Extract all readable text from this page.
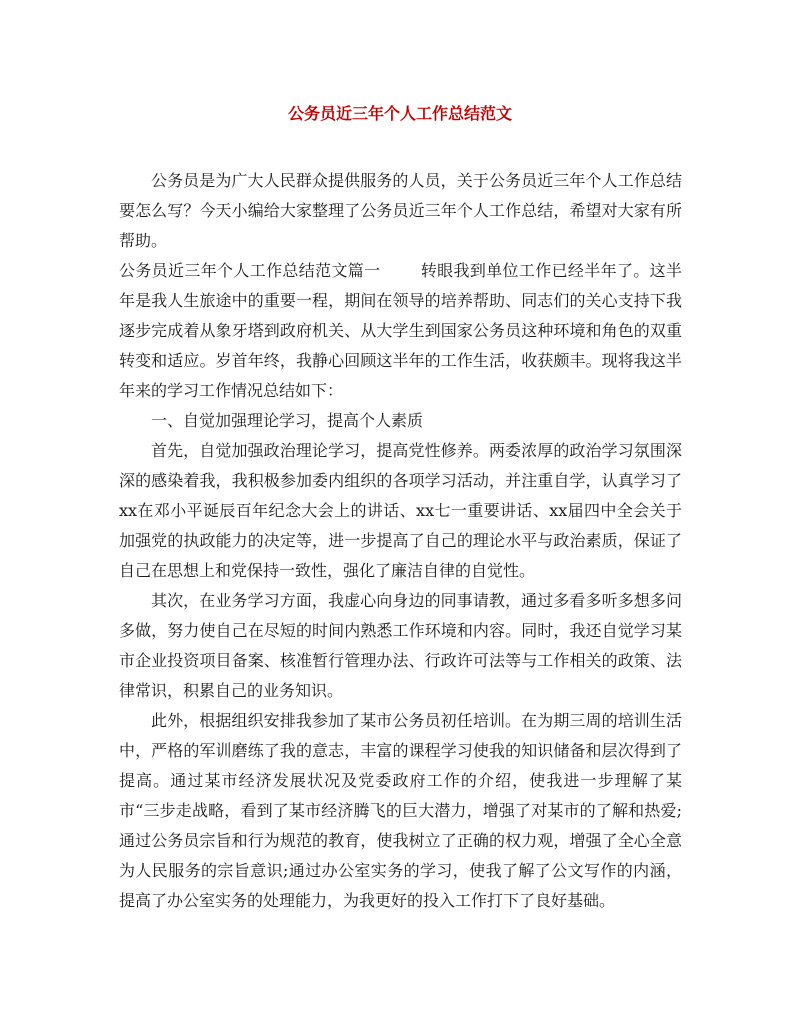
公务员近三年个人工作总结范文

公务员是为广大人民群众提供服务的人员，关于公务员近三年个人工作总结要怎么写？今天小编给大家整理了公务员近三年个人工作总结，希望对大家有所帮助。

公务员近三年个人工作总结范文篇一	转眼我到单位工作已经半年了。这半年是我人生旅途中的重要一程，期间在领导的培养帮助、同志们的关心支持下我逐步完成着从象牙塔到政府机关、从大学生到国家公务员这种环境和角色的双重转变和适应。岁首年终，我静心回顾这半年的工作生活，收获颇丰。现将我这半年来的学习工作情况总结如下：

一、自觉加强理论学习，提高个人素质

首先，自觉加强政治理论学习，提高党性修养。两委浓厚的政治学习氛围深深的感染着我，我积极参加委内组织的各项学习活动，并注重自学，认真学习了xx在邓小平诞辰百年纪念大会上的讲话、xx七一重要讲话、xx届四中全会关于加强党的执政能力的决定等，进一步提高了自己的理论水平与政治素质，保证了自己在思想上和党保持一致性，强化了廉洁自律的自觉性。

其次，在业务学习方面，我虚心向身边的同事请教，通过多看多听多想多问多做，努力使自己在尽短的时间内熟悉工作环境和内容。同时，我还自觉学习某市企业投资项目备案、核准暂行管理办法、行政许可法等与工作相关的政策、法律常识，积累自己的业务知识。

此外，根据组织安排我参加了某市公务员初任培训。在为期三周的培训生活中，严格的军训磨练了我的意志，丰富的课程学习使我的知识储备和层次得到了提高。通过某市经济发展状况及党委政府工作的介绍，使我进一步理解了某市“三步走战略，看到了某市经济腾飞的巨大潜力，增强了对某市的了解和热爱;通过公务员宗旨和行为规范的教育，使我树立了正确的权力观，增强了全心全意为人民服务的宗旨意识;通过办公室实务的学习，使我了解了公文写作的内涵，提高了办公室实务的处理能力，为我更好的投入工作打下了良好基础。
